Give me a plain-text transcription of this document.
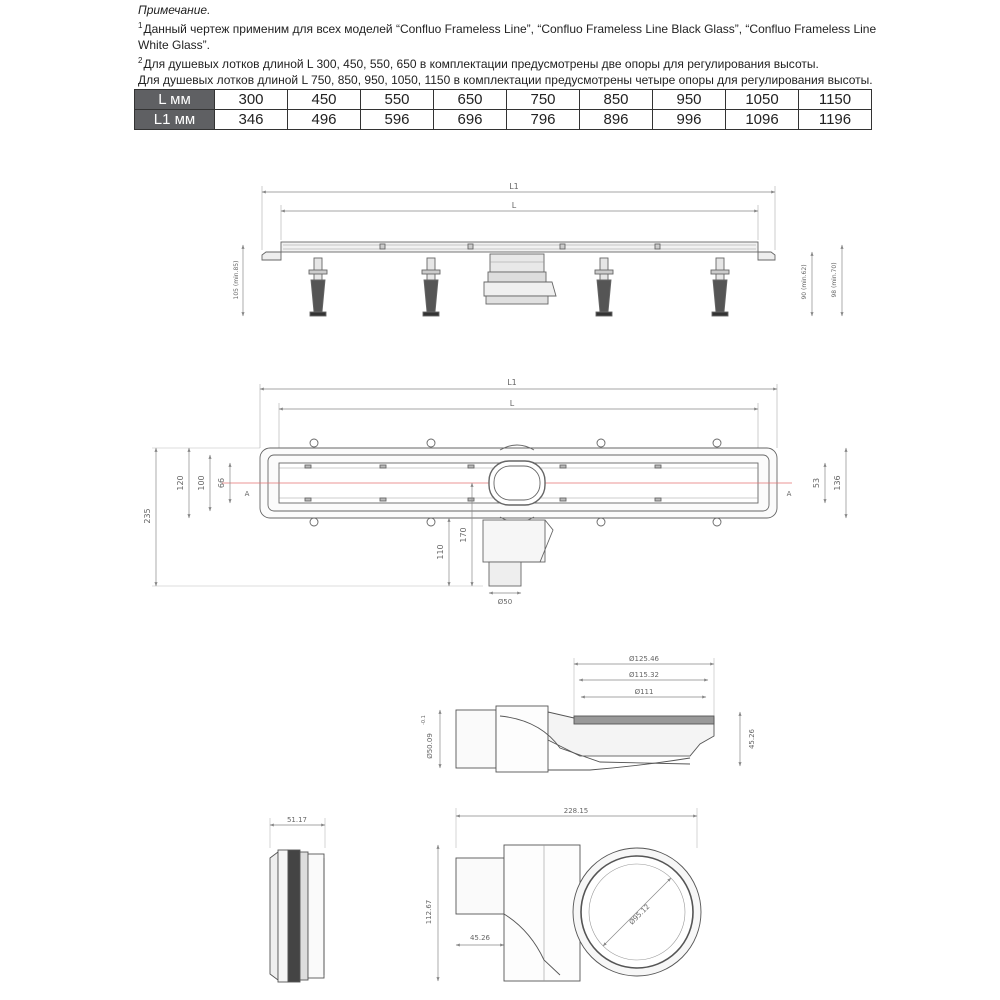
Примечание.

$^1$Данный чертеж применим для всех моделей “Confluo Frameless Line”, “Confluo Frameless Line Black Glass”, “Confluo Frameless Line White Glass”.

$^2$Для душевых лотков длиной L 300, 450, 550, 650 в комплектации предусмотрены две опоры для регулирования высоты.

Для душевых лотков длиной L 750, 850, 950, 1050, 1150 в комплектации предусмотрены четыре опоры для регулирования высоты.

L мм	300	450	550	650	750	850	950	1050	1150
L1 мм	346	496	596	696	796	896	996	1096	1196
L1
L
105 (min.85)	90 (min.62)	98 (min.70)
L1
L
A	A
235
120 100 66
110
170
Ø50
53 136
Ø125.46
Ø115.32
Ø111
45.26
Ø50.09
-0.1
51.17
228.15
112.67
45.26
Ø95.12
